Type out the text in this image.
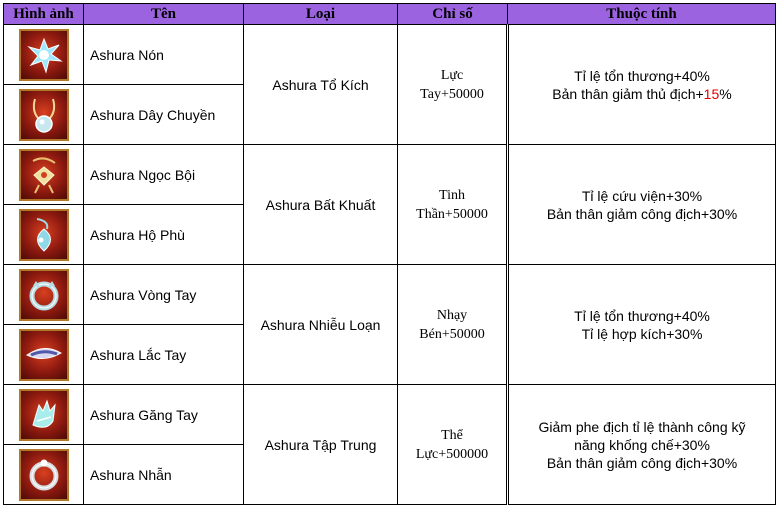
Hình ảnh	Tên	Loại	Chỉ số	Thuộc tính

	Ashura Nón	Ashura Tổ Kích	Lực
Tay+50000	Tỉ lệ tổn thương+40%
Bản thân giảm thủ địch+15%

	Ashura Dây Chuyền			

	Ashura Ngọc Bội	Ashura Bất Khuất	Tinh
Thần+50000	Tỉ lệ cứu viện+30%
Bản thân giảm công địch+30%

	Ashura Hộ Phù			

	Ashura Vòng Tay	Ashura Nhiễu Loạn	Nhạy
Bén+50000	Tỉ lệ tổn thương+40%
Tỉ lệ hợp kích+30%

	Ashura Lắc Tay			

	Ashura Găng Tay	Ashura Tập Trung	Thể
Lực+500000	Giảm phe địch tỉ lệ thành công kỹ
năng khống chế+30%
Bản thân giảm công địch+30%

	Ashura Nhẫn			
